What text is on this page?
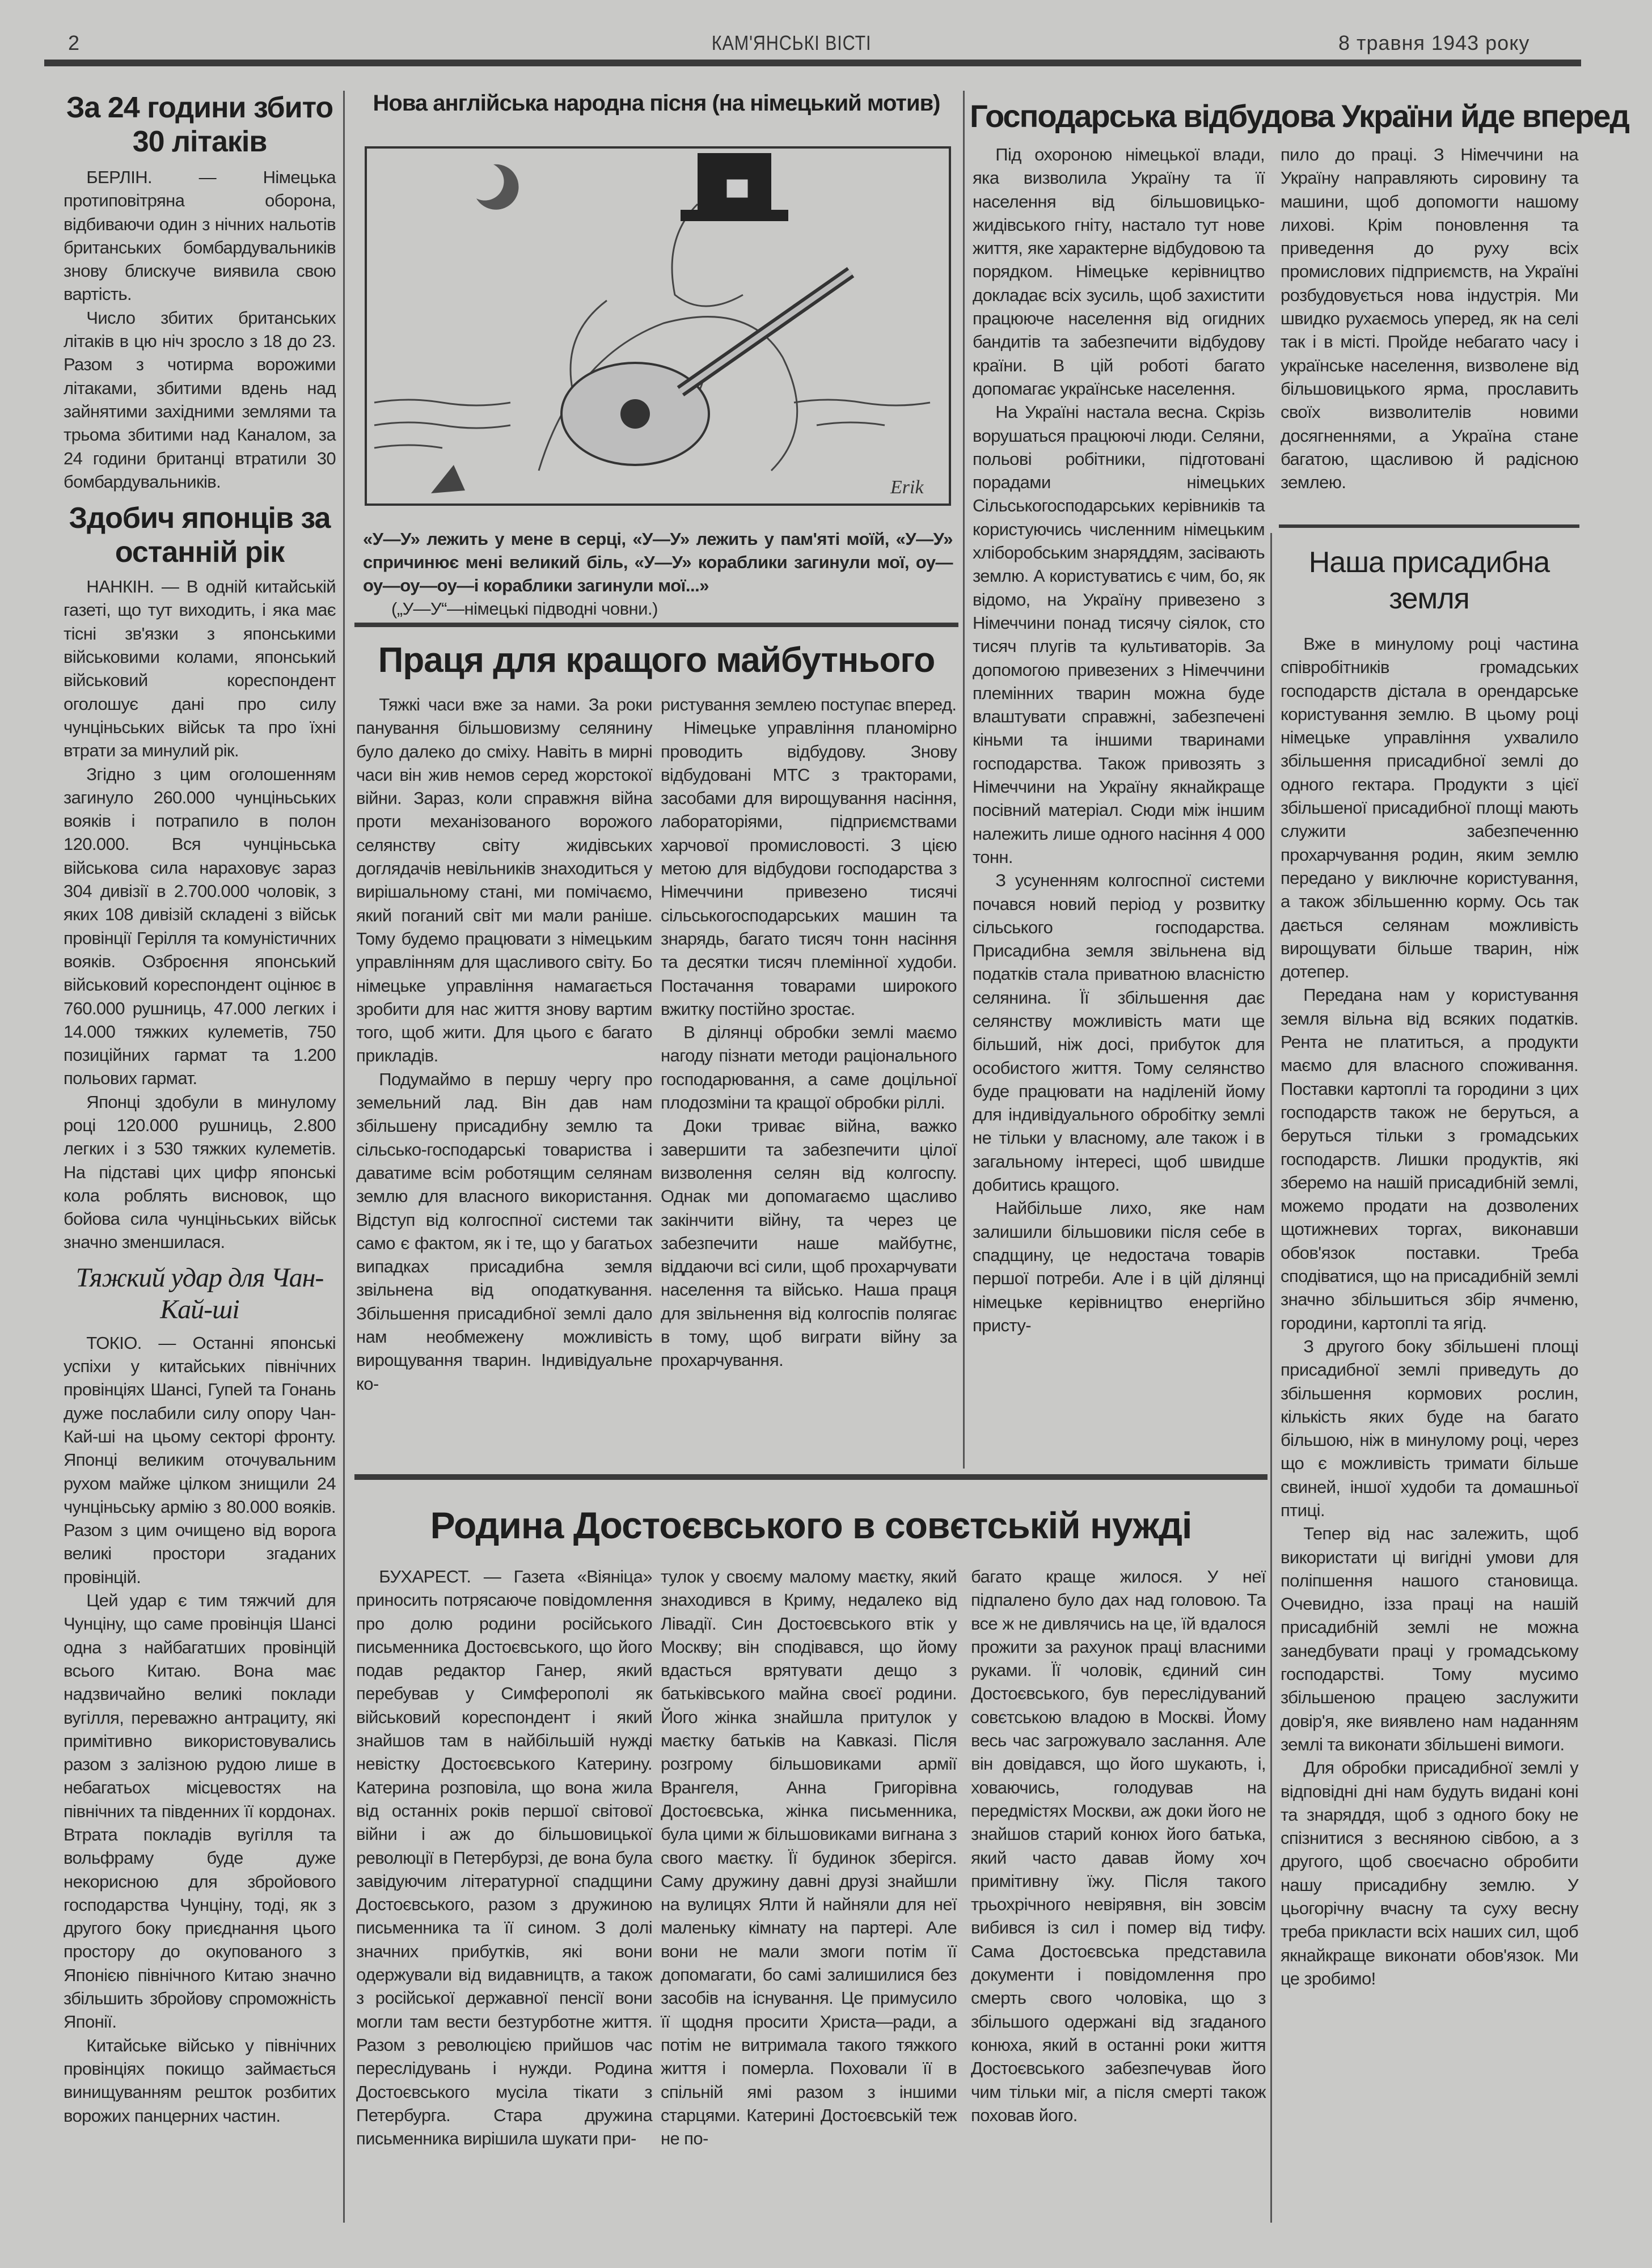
2	КАМ'ЯНСЬКІ ВІСТІ	8 травня 1943 року
За 24 години збито 30 літаків

БЕРЛІН. — Німецька протиповітряна оборона, відбиваючи один з нічних нальотів британських бомбардувальників знову блискуче виявила свою вартість.

Число збитих британських літаків в цю ніч зросло з 18 до 23. Разом з чотирма ворожими літаками, збитими вдень над зайнятими західними землями та трьома збитими над Каналом, за 24 години британці втратили 30 бомбардувальників.

Здобич японців за останній рік

НАНКІН. — В одній китайській газеті, що тут виходить, і яка має тісні зв'язки з японськими військовими колами, японський військовий кореспондент оголошує дані про силу чунціньських військ та про їхні втрати за минулий рік.

Згідно з цим оголошенням загинуло 260.000 чунціньських вояків і потрапило в полон 120.000. Вся чунціньська військова сила нараховує зараз 304 дивізії в 2.700.000 чоловік, з яких 108 дивізій складені з військ провінції Герілля та комуністичних вояків. Озброєння японський військовий кореспондент оцінює в 760.000 рушниць, 47.000 легких і 14.000 тяжких кулеметів, 750 позиційних гармат та 1.200 польових гармат.

Японці здобули в минулому році 120.000 рушниць, 2.800 легких і з 530 тяжких кулеметів. На підставі цих цифр японські кола роблять висновок, що бойова сила чунціньських військ значно зменшилася.

Тяжкий удар для Чан-Кай-ші

ТОКІО. — Останні японські успіхи у китайських північних провінціях Шансі, Гупей та Гонань дуже послабили силу опору Чан-Кай-ші на цьому секторі фронту. Японці великим оточувальним рухом майже цілком знищили 24 чунціньську армію з 80.000 вояків. Разом з цим очищено від ворога великі простори згаданих провінцій.

Цей удар є тим тяжчий для Чунціну, що саме провінція Шансі одна з найбагатших провінцій всього Китаю. Вона має надзвичайно великі поклади вугілля, переважно антрациту, які примітивно використовувались разом з залізною рудою лише в небагатьох місцевостях на північних та південних її кордонах. Втрата покладів вугілля та вольфраму буде дуже некорисною для збройового господарства Чунціну, тоді, як з другого боку приєднання цього простору до окупованого з Японією північного Китаю значно збільшить збройову спроможність Японії.

Китайське військо у північних провінціях покищо займається винищуванням решток розбитих ворожих панцерних частин.

Нова англійська народна пісня (на німецький мотив)
Erik
«У—У» лежить у мене в серці, «У—У» лежить у пам'яті моїй, «У—У» спричинює мені великий біль, «У—У» кораблики загинули мої, оу—оу—оу—оу—і кораблики загинули мої...»
(„У—У“—німецькі підводні човни.)
Праця для кращого майбутнього

Тяжкі часи вже за нами. За роки панування більшовизму селянину було далеко до сміху. Навіть в мирні часи він жив немов серед жорстокої війни. Зараз, коли справжня війна проти механізованого ворожого селянству світу жидівських доглядачів невільників знаходиться у вирішальному стані, ми помічаємо, який поганий світ ми мали раніше. Тому будемо працювати з німецьким управлінням для щасливого світу. Бо німецьке управління намагається зробити для нас життя знову вартим того, щоб жити. Для цього є багато прикладів.

Подумаймо в першу чергу про земельний лад. Він дав нам збільшену присадибну землю та сільсько-господарські товариства і даватиме всім роботящим селянам землю для власного використання. Відступ від колгоспної системи так само є фактом, як і те, що у багатьох випадках присадибна земля звільнена від оподаткування. Збільшення присадибної землі дало нам необмежену можливість вирощування тварин. Індивідуальне ко-

ристування землею поступає вперед.

Німецьке управління планомірно проводить відбудову. Знову відбудовані МТС з тракторами, засобами для вирощування насіння, лабораторіями, підприємствами харчової промисловості. З цією метою для відбудови господарства з Німеччини привезено тисячі сільськогосподарських машин та знарядь, багато тисяч тонн насіння та десятки тисяч племінної худоби. Постачання товарами широкого вжитку постійно зростає.

В ділянці обробки землі маємо нагоду пізнати методи раціонального господарювання, а саме доцільної плодозміни та кращої обробки ріллі.

Доки триває війна, важко завершити та забезпечити цілої визволення селян від колгоспу. Однак ми допомагаємо щасливо закінчити війну, та через це забезпечити наше майбутнє, віддаючи всі сили, щоб прохарчувати населення та військо. Наша праця для звільнення від колгоспів полягає в тому, щоб виграти війну за прохарчування.

Господарська відбудова України йде вперед

Під охороною німецької влади, яка визволила Україну та її населення від більшовицько-жидівського гніту, настало тут нове життя, яке характерне відбудовою та порядком. Німецьке керівництво докладає всіх зусиль, щоб захистити працююче населення від огидних бандитів та забезпечити відбудову країни. В цій роботі багато допомагає українське населення.

На Україні настала весна. Скрізь ворушаться працюючі люди. Селяни, польові робітники, підготовані порадами німецьких Сільськогосподарських керівників та користуючись численним німецьким хліборобським знаряддям, засівають землю. А користуватись є чим, бо, як відомо, на Україну привезено з Німеччини понад тисячу сіялок, сто тисяч плугів та культиваторів. За допомогою привезених з Німеччини племінних тварин можна буде влаштувати справжні, забезпечені кіньми та іншими тваринами господарства. Також привозять з Німеччини на Україну якнайкраще посівний матеріал. Сюди між іншим належить лише одного насіння 4 000 тонн.

З усуненням колгоспної системи почався новий період у розвитку сільського господарства. Присадибна земля звільнена від податків стала приватною власністю селянина. Її збільшення дає селянству можливість мати ще більший, ніж досі, прибуток для особистого життя. Тому селянство буде працювати на наділеній йому для індивідуального обробітку землі не тільки у власному, але також і в загальному інтересі, щоб швидше добитись кращого.

Найбільше лихо, яке нам залишили більшовики після себе в спадщину, це недостача товарів першої потреби. Але і в цій ділянці німецьке керівництво енергійно присту-

пило до праці. З Німеччини на Україну направляють сировину та машини, щоб допомогти нашому лихові. Крім поновлення та приведення до руху всіх промислових підприємств, на Україні розбудовується нова індустрія. Ми швидко рухаємось уперед, як на селі так і в місті. Пройде небагато часу і українське населення, визволене від більшовицького ярма, прославить своїх визволителів новими досягненнями, а Україна стане багатою, щасливою й радісною землею.

Наша присадибна земля

Вже в минулому році частина співробітників громадських господарств дістала в орендарське користування землю. В цьому році німецьке управління ухвалило збільшення присадибної землі до одного гектара. Продукти з цієї збільшеної присадибної площі мають служити забезпеченню прохарчування родин, яким землю передано у виключне користування, а також збільшенню корму. Ось так дається селянам можливість вирощувати більше тварин, ніж дотепер.

Передана нам у користування земля вільна від всяких податків. Рента не платиться, а продукти маємо для власного споживання. Поставки картоплі та городини з цих господарств також не беруться, а беруться тільки з громадських господарств. Лишки продуктів, які зберемо на нашій присадибній землі, можемо продати на дозволених щотижневих торгах, виконавши обов'язок поставки. Треба сподіватися, що на присадибній землі значно збільшиться збір ячменю, городини, картоплі та ягід.

З другого боку збільшені площі присадибної землі приведуть до збільшення кормових рослин, кількість яких буде на багато більшою, ніж в минулому році, через що є можливість тримати більше свиней, іншої худоби та домашньої птиці.

Тепер від нас залежить, щоб використати ці вигідні умови для поліпшення нашого становища. Очевидно, ізза праці на нашій присадибній землі не можна занедбувати праці у громадському господарстві. Тому мусимо збільшеною працею заслужити довір'я, яке виявлено нам наданням землі та виконати збільшені вимоги.

Для обробки присадибної землі у відповідні дні нам будуть видані коні та знаряддя, щоб з одного боку не спізнитися з весняною сівбою, а з другого, щоб своєчасно обробити нашу присадибну землю. У цьогорічну вчасну та суху весну треба прикласти всіх наших сил, щоб якнайкраще виконати обов'язок. Ми це зробимо!

Родина Достоєвського в совєтській нужді

БУХАРЕСТ. — Газета «Віяніца» приносить потрясаюче повідомлення про долю родини російського письменника Достоєвського, що його подав редактор Ганер, який перебував у Симферополі як військовий кореспондент і який знайшов там в найбільшій нужді невістку Достоєвського Катерину. Катерина розповіла, що вона жила від останніх років першої світової війни і аж до більшовицької революції в Петербурзі, де вона була завідуючим літературної спадщини Достоєвського, разом з дружиною письменника та її сином. З долі значних прибутків, які вони одержували від видавництв, а також з російської державної пенсії вони могли там вести безтурботне життя. Разом з революцією прийшов час переслідувань і нужди. Родина Достоєвського мусіла тікати з Петербурга. Стара дружина письменника вирішила шукати при-

тулок у своєму малому маєтку, який знаходився в Криму, недалеко від Лівадії. Син Достоєвського втік у Москву; він сподівався, що йому вдасться врятувати дещо з батьківського майна своєї родини. Його жінка знайшла притулок у маєтку батьків на Кавказі. Після розгрому більшовиками армії Врангеля, Анна Григорівна Достоєвська, жінка письменника, була цими ж більшовиками вигнана з свого маєтку. Її будинок зберігся. Саму дружину давні друзі знайшли на вулицях Ялти й найняли для неї маленьку кімнату на партері. Але вони не мали змоги потім її допомагати, бо самі залишилися без засобів на існування. Це примусило її щодня просити Христа—ради, а потім не витримала такого тяжкого життя і померла. Поховали її в спільній ямі разом з іншими старцями. Катерині Достоєвській теж не по-

багато краще жилося. У неї підпалено було дах над головою. Та все ж не дивлячись на це, їй вдалося прожити за рахунок праці власними руками. Її чоловік, єдиний син Достоєвського, був переслідуваний совєтською владою в Москві. Йому весь час загрожувало заслання. Але він довідався, що його шукають, і, ховаючись, голодував на передмістях Москви, аж доки його не знайшов старий конюх його батька, який часто давав йому хоч примітивну їжу. Після такого трьохрічного невірявня, він зовсім вибився із сил і помер від тифу. Сама Достоєвська представила документи і повідомлення про смерть свого чоловіка, що з збільшого одержані від згаданого конюха, який в останні роки життя Достоєвського забезпечував його чим тільки міг, а після смерті також поховав його.
